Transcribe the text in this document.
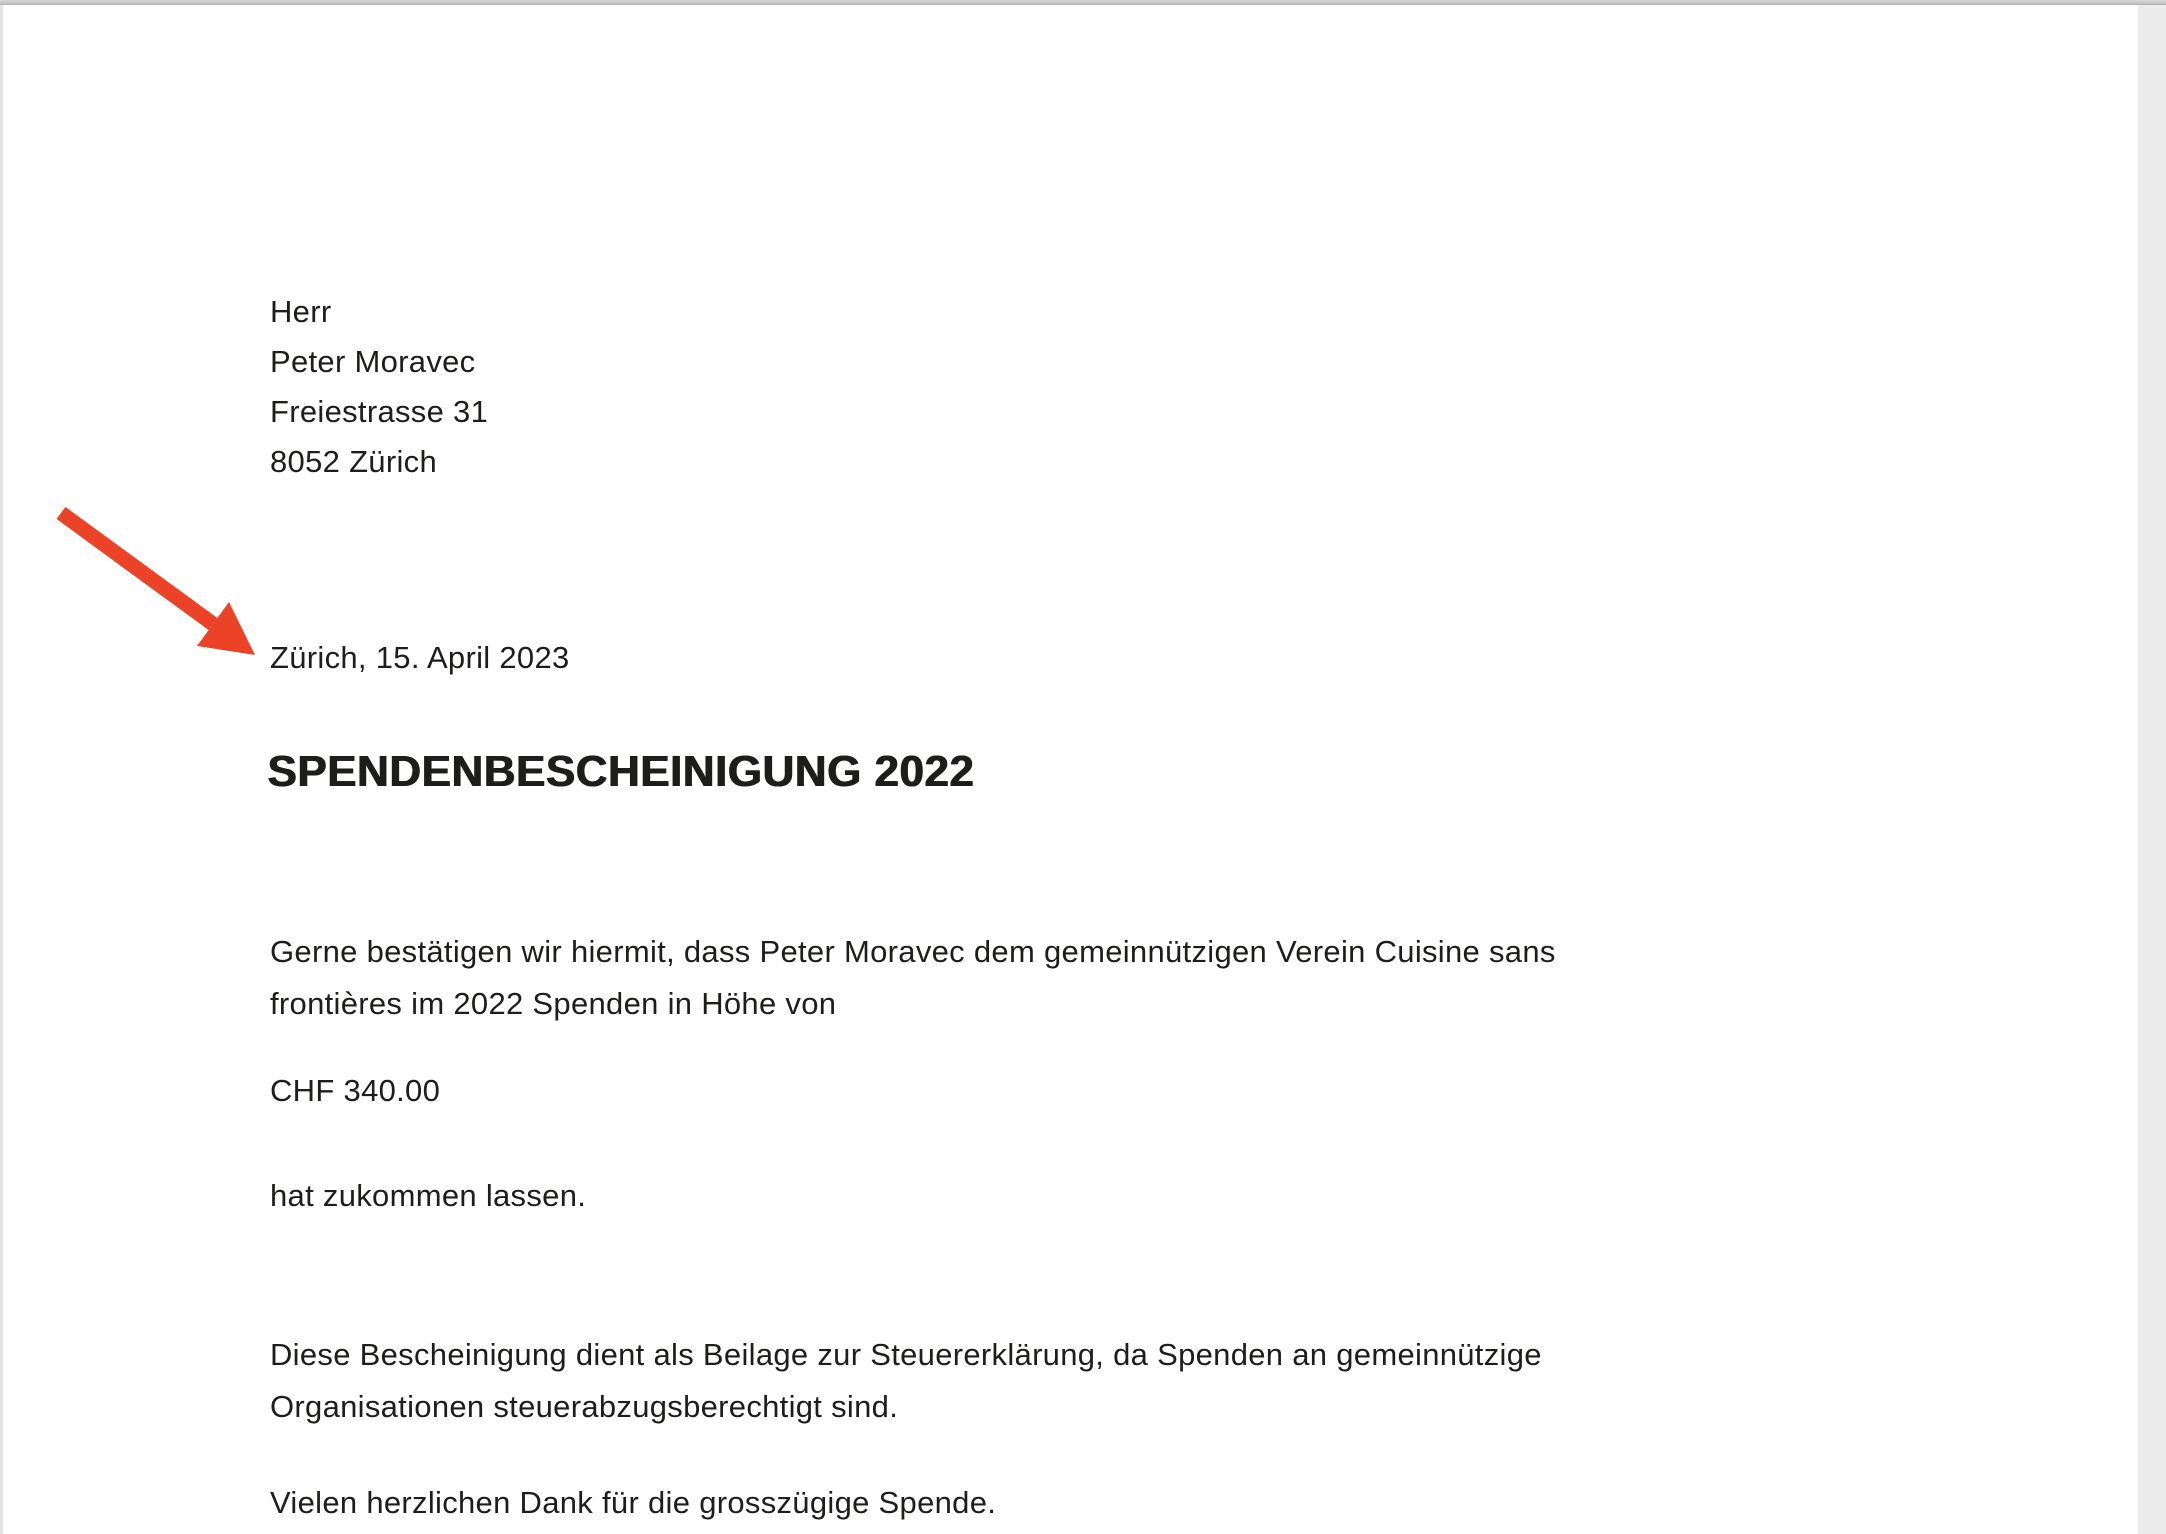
Herr
Peter Moravec
Freiestrasse 31
8052 Zürich
Zürich, 15. April 2023
SPENDENBESCHEINIGUNG 2022
Gerne bestätigen wir hiermit, dass Peter Moravec dem gemeinnützigen Verein Cuisine sans
frontières im 2022 Spenden in Höhe von
CHF 340.00
hat zukommen lassen.
Diese Bescheinigung dient als Beilage zur Steuererklärung, da Spenden an gemeinnützige
Organisationen steuerabzugsberechtigt sind.
Vielen herzlichen Dank für die grosszügige Spende.
